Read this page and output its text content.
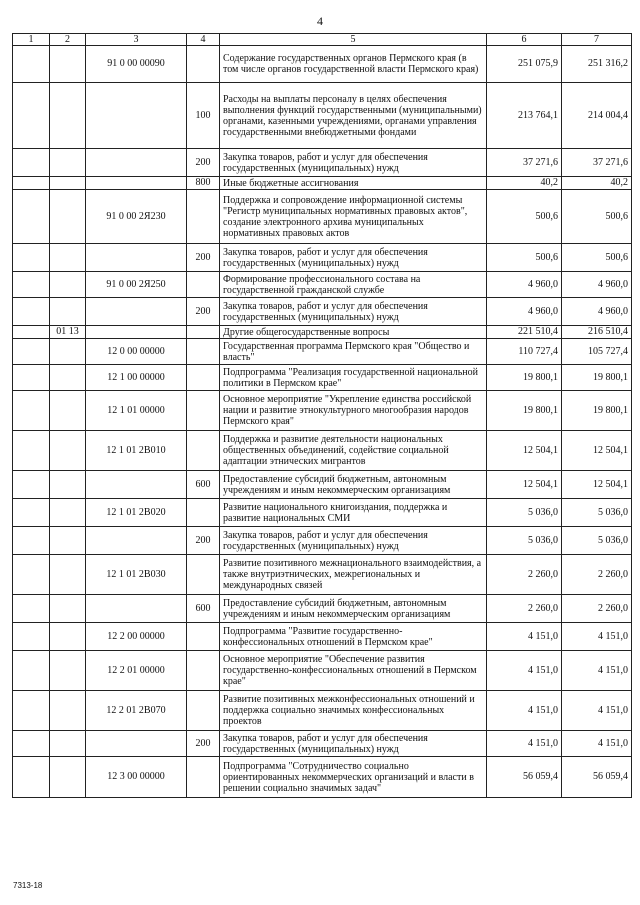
4
1	2	3	4	5	6	7
		91 0 00 00090		Содержание государственных органов Пермского края (в том числе органов государственной власти Пермского края)	251 075,9	251 316,2
			100	Расходы на выплаты персоналу в целях обеспечения выполнения функций государственными (муниципальными) органами, казенными учреждениями, органами управления государственными внебюджетными фондами	213 764,1	214 004,4
			200	Закупка товаров, работ и услуг для обеспечения государственных (муниципальных) нужд	37 271,6	37 271,6
			800	Иные бюджетные ассигнования	40,2	40,2
		91 0 00 2Я230		Поддержка и сопровождение информационной системы "Регистр муниципальных нормативных правовых актов", создание электронного архива муниципальных нормативных правовых актов	500,6	500,6
			200	Закупка товаров, работ и услуг для обеспечения государственных (муниципальных) нужд	500,6	500,6
		91 0 00 2Я250		Формирование профессионального состава на государственной гражданской службе	4 960,0	4 960,0
			200	Закупка товаров, работ и услуг для обеспечения государственных (муниципальных) нужд	4 960,0	4 960,0
	01 13			Другие общегосударственные вопросы	221 510,4	216 510,4
		12 0 00 00000		Государственная программа Пермского края "Общество и власть"	110 727,4	105 727,4
		12 1 00 00000		Подпрограмма "Реализация государственной национальной политики в Пермском крае"	19 800,1	19 800,1
		12 1 01 00000		Основное мероприятие "Укрепление единства российской нации и развитие этнокультурного многообразия народов Пермского края"	19 800,1	19 800,1
		12 1 01 2В010		Поддержка и развитие деятельности национальных общественных объединений, содействие социальной адаптации этнических мигрантов	12 504,1	12 504,1
			600	Предоставление субсидий бюджетным, автономным учреждениям и иным некоммерческим организациям	12 504,1	12 504,1
		12 1 01 2В020		Развитие национального книгоиздания, поддержка и развитие национальных СМИ	5 036,0	5 036,0
			200	Закупка товаров, работ и услуг для обеспечения государственных (муниципальных) нужд	5 036,0	5 036,0
		12 1 01 2В030		Развитие позитивного межнационального взаимодействия, а также внутриэтнических, межрегиональных и международных связей	2 260,0	2 260,0
			600	Предоставление субсидий бюджетным, автономным учреждениям и иным некоммерческим организациям	2 260,0	2 260,0
		12 2 00 00000		Подпрограмма "Развитие государственно-конфессиональных отношений в Пермском крае"	4 151,0	4 151,0
		12 2 01 00000		Основное мероприятие "Обеспечение развития государственно-конфессиональных отношений в Пермском крае"	4 151,0	4 151,0
		12 2 01 2В070		Развитие позитивных межконфессиональных отношений и поддержка социально значимых конфессиональных проектов	4 151,0	4 151,0
			200	Закупка товаров, работ и услуг для обеспечения государственных (муниципальных) нужд	4 151,0	4 151,0
		12 3 00 00000		Подпрограмма "Сотрудничество социально ориентированных некоммерческих организаций и власти в решении социально значимых задач"	56 059,4	56 059,4
7313-18
